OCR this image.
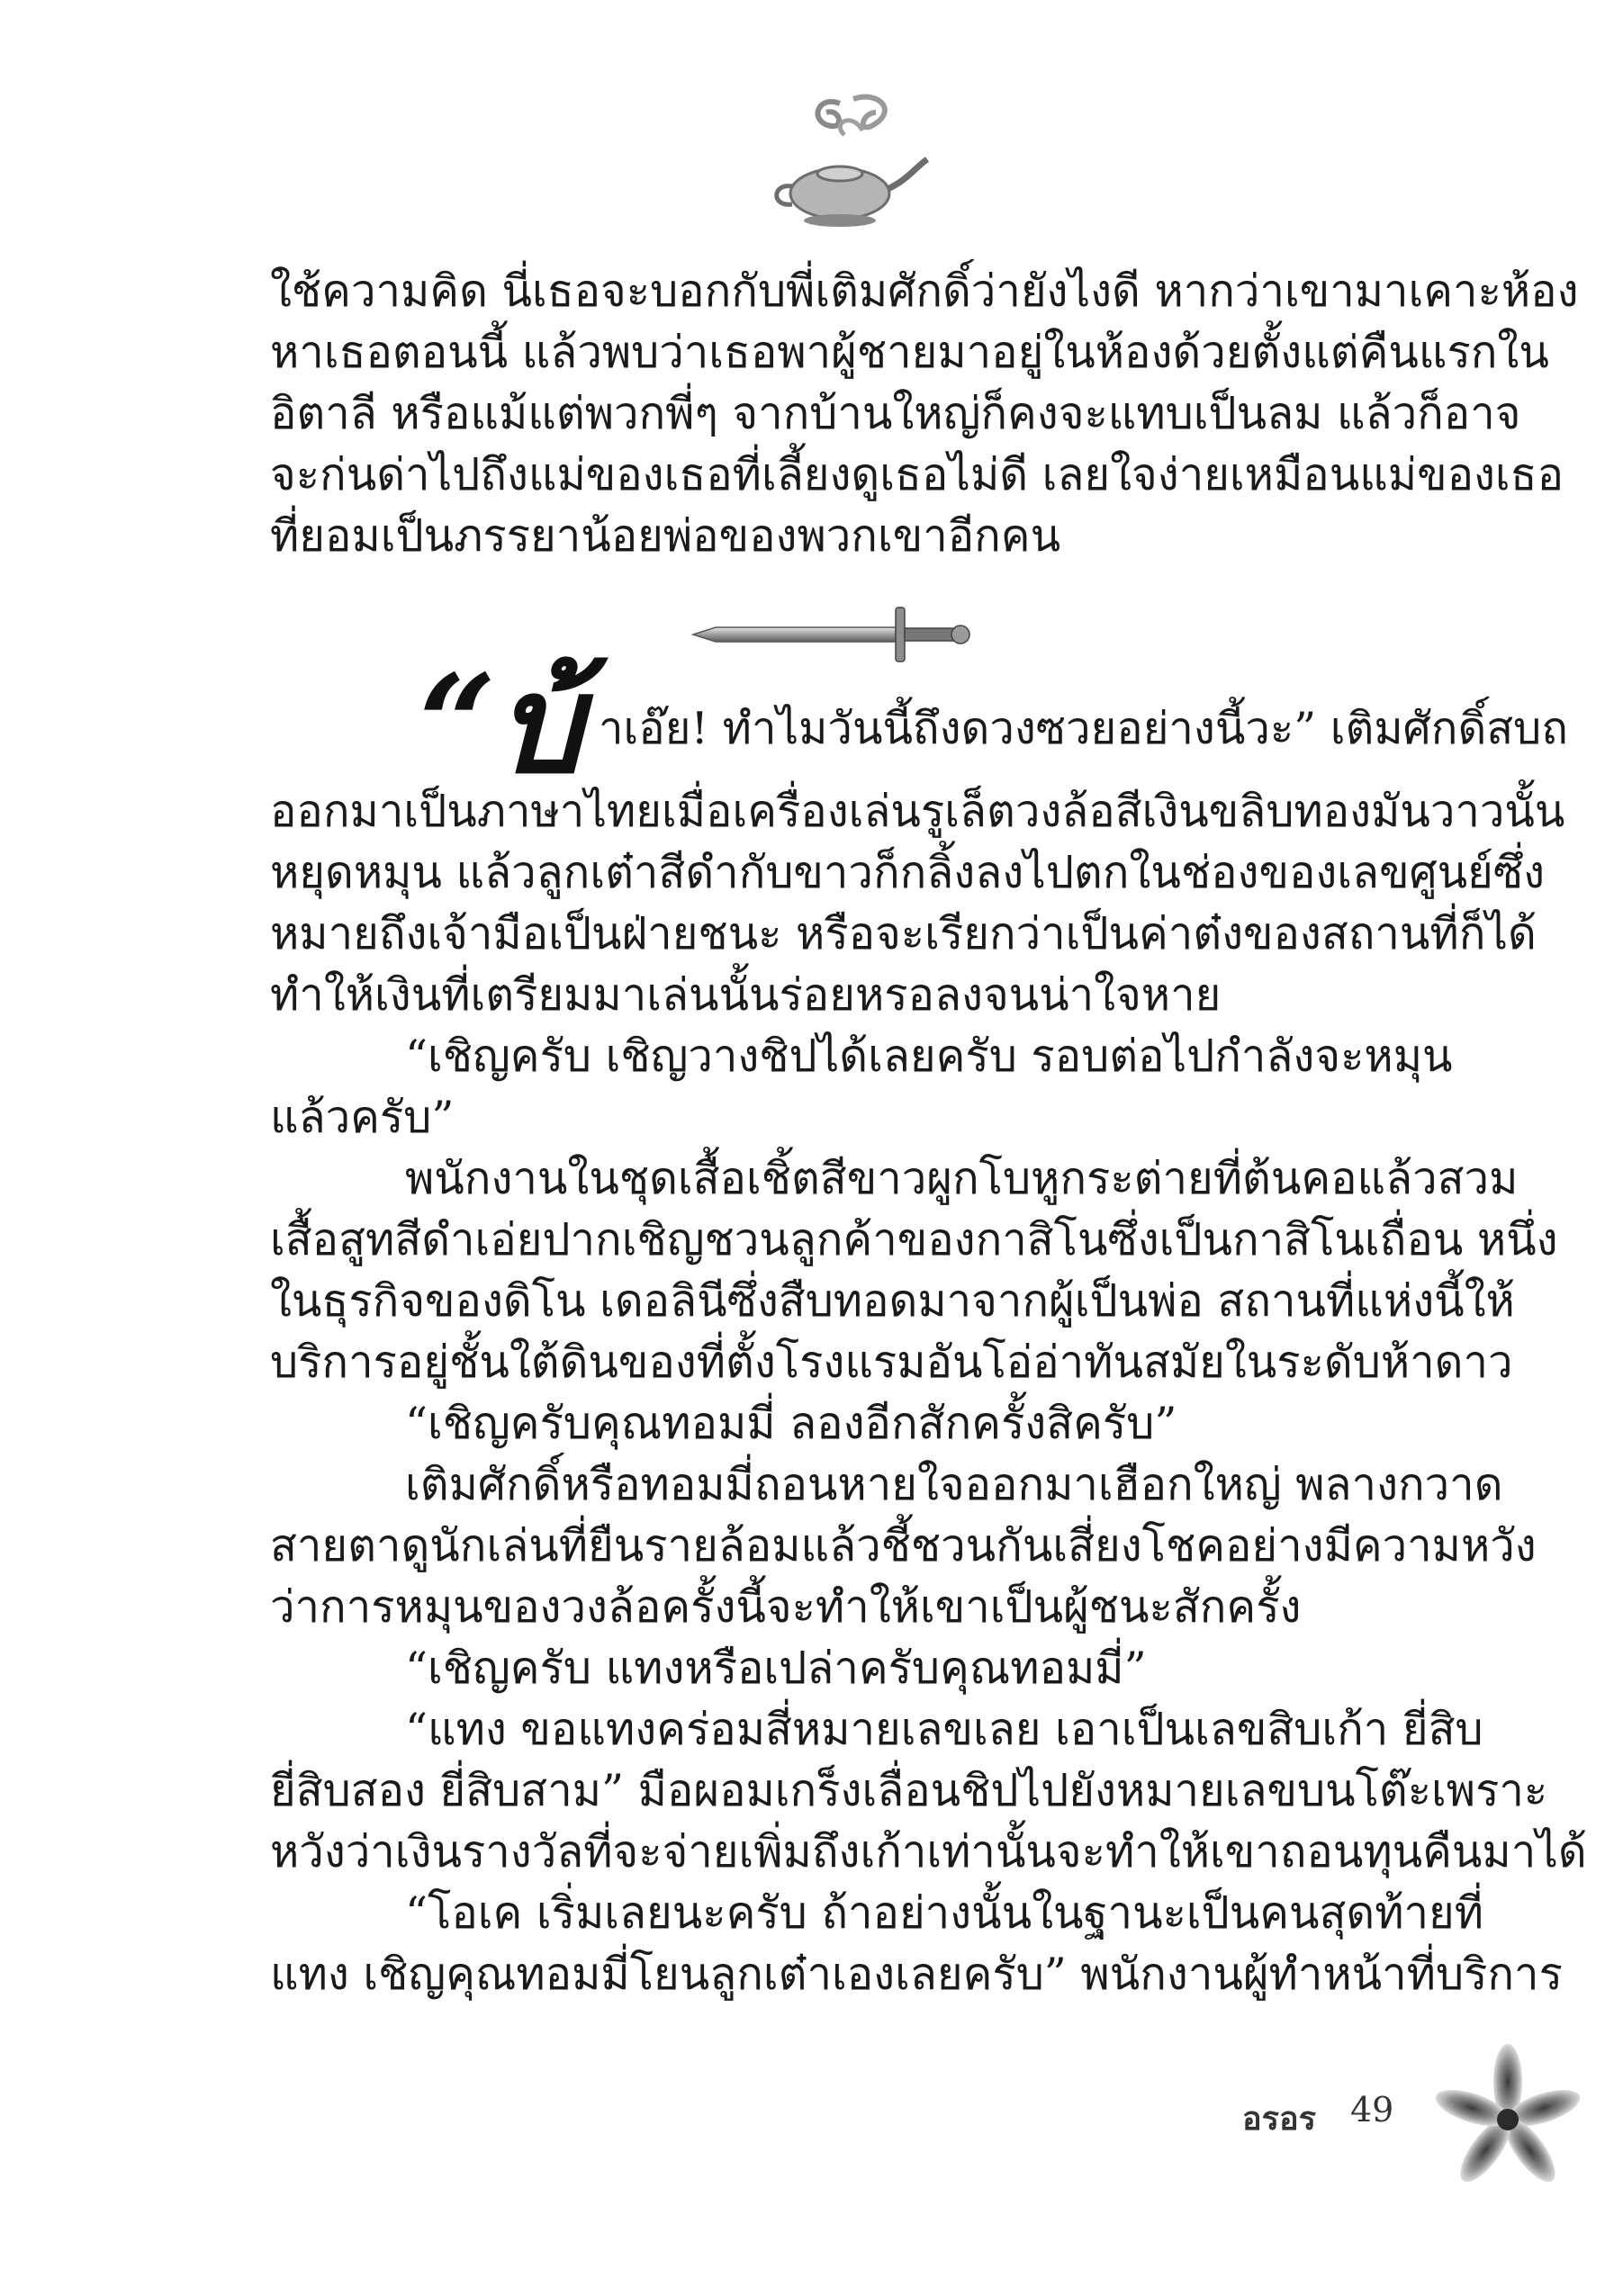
ใช้ความคิด นี่เธอจะบอกกับพี่เติมศักดิ์ว่ายังไงดี หากว่าเขามาเคาะห้อง
หาเธอตอนนี้ แล้วพบว่าเธอพาผู้ชายมาอยู่ในห้องด้วยตั้งแต่คืนแรกใน
อิตาลี หรือแม้แต่พวกพี่ๆ จากบ้านใหญ่ก็คงจะแทบเป็นลม แล้วก็อาจ
จะก่นด่าไปถึงแม่ของเธอที่เลี้ยงดูเธอไม่ดี เลยใจง่ายเหมือนแม่ของเธอ
ที่ยอมเป็นภรรยาน้อยพ่อของพวกเขาอีกคน
“บ้ าเอ๊ย! ทำไมวันนี้ถึงดวงซวยอย่างนี้วะ” เติมศักดิ์สบถ
ออกมาเป็นภาษาไทยเมื่อเครื่องเล่นรูเล็ตวงล้อสีเงินขลิบทองมันวาวนั้น
หยุดหมุน แล้วลูกเต๋าสีดำกับขาวก็กลิ้งลงไปตกในช่องของเลขศูนย์ซึ่ง
หมายถึงเจ้ามือเป็นฝ่ายชนะ หรือจะเรียกว่าเป็นค่าต๋งของสถานที่ก็ได้
ทำให้เงินที่เตรียมมาเล่นนั้นร่อยหรอลงจนน่าใจหาย
“เชิญครับ เชิญวางชิปได้เลยครับ รอบต่อไปกำลังจะหมุน
แล้วครับ”
พนักงานในชุดเสื้อเชิ้ตสีขาวผูกโบหูกระต่ายที่ต้นคอแล้วสวม
เสื้อสูทสีดำเอ่ยปากเชิญชวนลูกค้าของกาสิโนซึ่งเป็นกาสิโนเถื่อน หนึ่ง
ในธุรกิจของดิโน เดอลินีซึ่งสืบทอดมาจากผู้เป็นพ่อ สถานที่แห่งนี้ให้
บริการอยู่ชั้นใต้ดินของที่ตั้งโรงแรมอันโอ่อ่าทันสมัยในระดับห้าดาว
“เชิญครับคุณทอมมี่ ลองอีกสักครั้งสิครับ”
เติมศักดิ์หรือทอมมี่ถอนหายใจออกมาเฮือกใหญ่ พลางกวาด
สายตาดูนักเล่นที่ยืนรายล้อมแล้วชี้ชวนกันเสี่ยงโชคอย่างมีความหวัง
ว่าการหมุนของวงล้อครั้งนี้จะทำให้เขาเป็นผู้ชนะสักครั้ง
“เชิญครับ แทงหรือเปล่าครับคุณทอมมี่”
“แทง ขอแทงคร่อมสี่หมายเลขเลย เอาเป็นเลขสิบเก้า ยี่สิบ
ยี่สิบสอง ยี่สิบสาม” มือผอมเกร็งเลื่อนชิปไปยังหมายเลขบนโต๊ะเพราะ
หวังว่าเงินรางวัลที่จะจ่ายเพิ่มถึงเก้าเท่านั้นจะทำให้เขาถอนทุนคืนมาได้
“โอเค เริ่มเลยนะครับ ถ้าอย่างนั้นในฐานะเป็นคนสุดท้ายที่
แทง เชิญคุณทอมมี่โยนลูกเต๋าเองเลยครับ” พนักงานผู้ทำหน้าที่บริการ
อรอร 49
